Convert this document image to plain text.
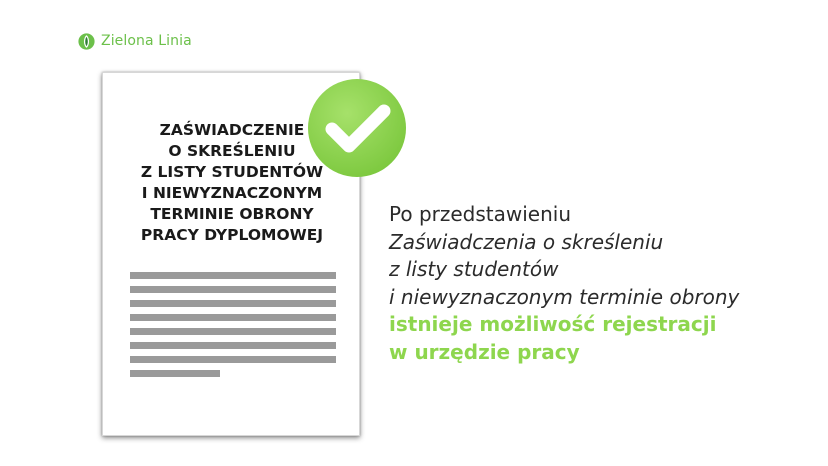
Zielona Linia
ZAŚWIADCZENIE
O SKREŚLENIU
Z LISTY STUDENTÓW
I NIEWYZNACZONYM
TERMINIE OBRONY
PRACY DYPLOMOWEJ
Po przedstawieniu
Zaświadczenia o skreśleniu
z listy studentów
i niewyznaczonym terminie obrony
istnieje możliwość rejestracji
w urzędzie pracy
